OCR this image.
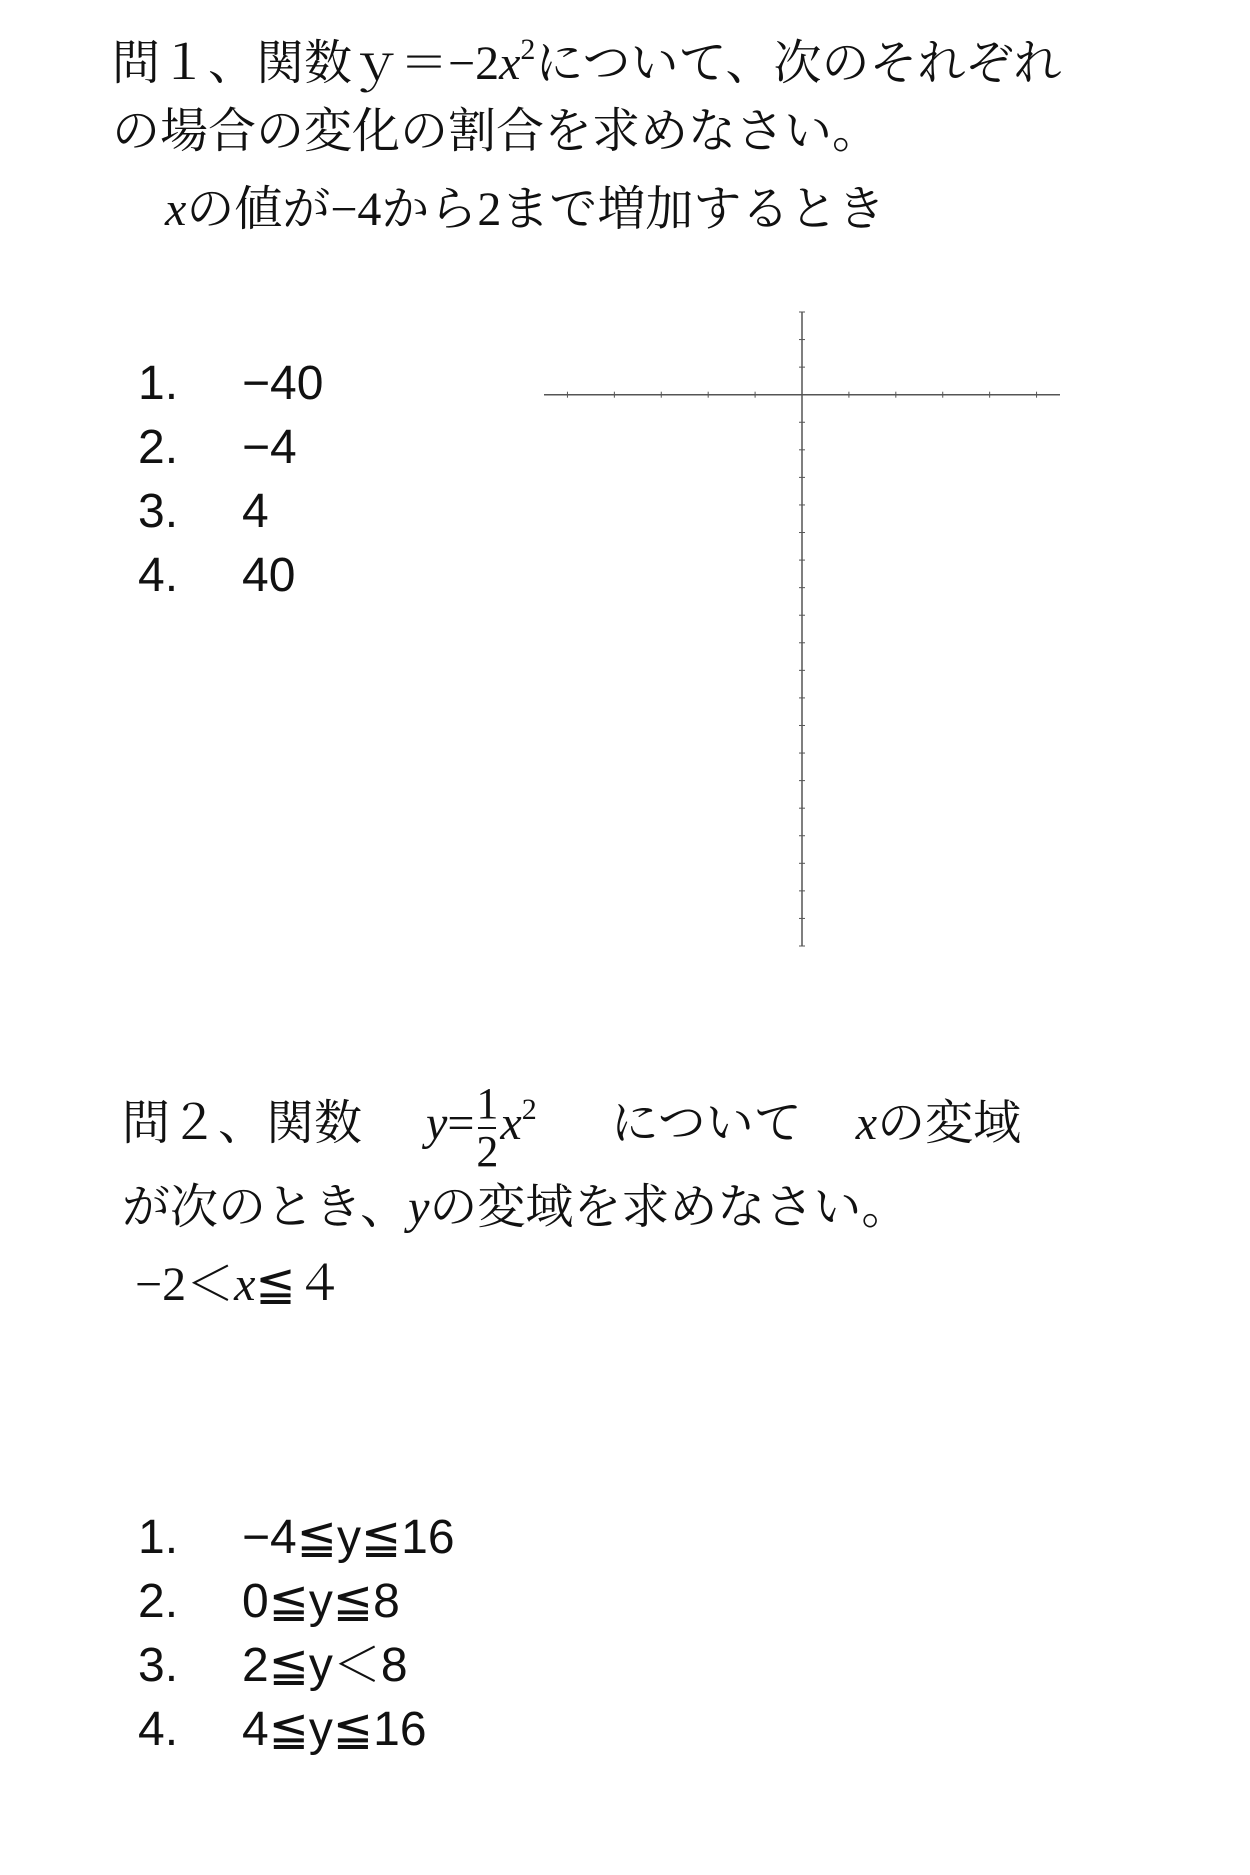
問１、関数$y=-2x^2$について、次のそれぞれ
の場合の変化の割合を求めなさい。
xの値が−4から2まで増加するとき
1.	−40
2.	−4
3.	4
4.	40
問２、関数 $y= \frac{1}{2} x^2$ について xの変域
が次のとき、yの変域を求めなさい。
−2＜x≦４
1.	−4≦y≦16
2.	0≦y≦8
3.	2≦y＜8
4.	4≦y≦16
